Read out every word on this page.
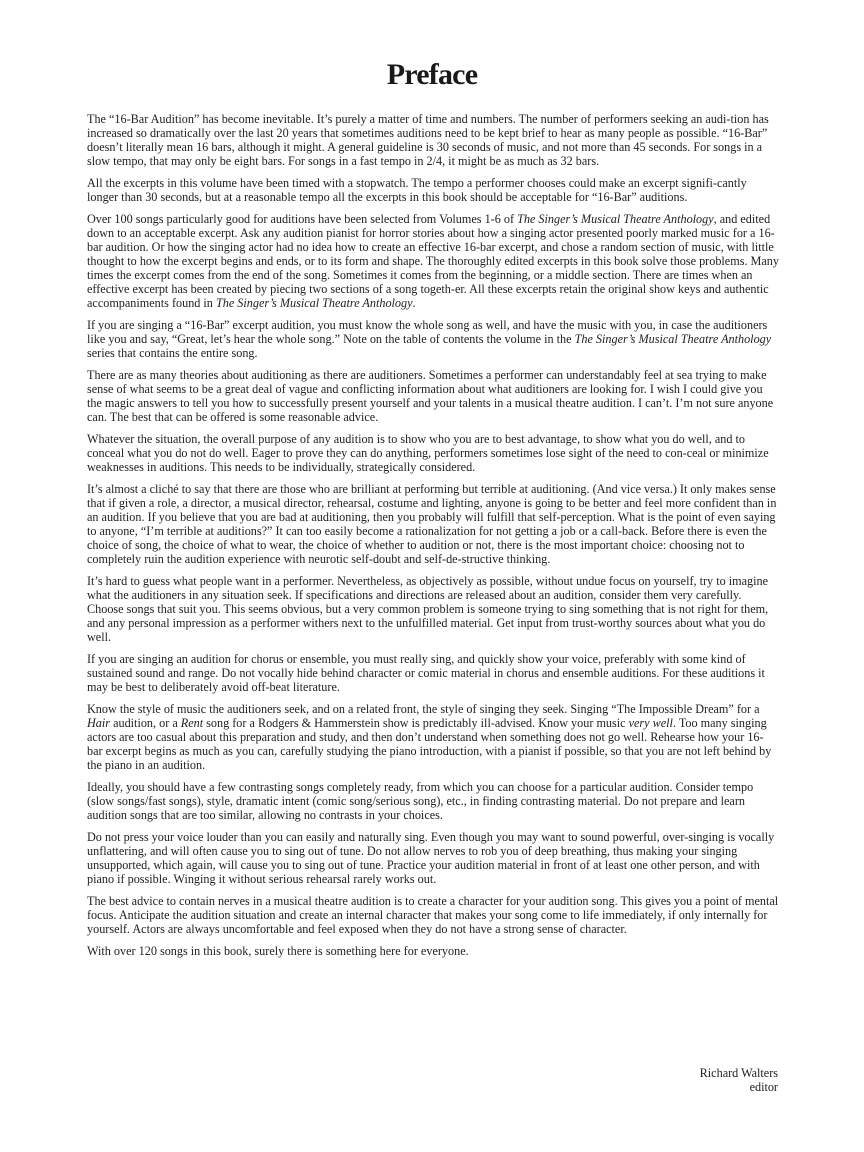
Preface

The “16-Bar Audition” has become inevitable. It’s purely a matter of time and numbers. The number of performers seeking an audi-tion has increased so dramatically over the last 20 years that sometimes auditions need to be kept brief to hear as many people as possible. “16-Bar” doesn’t literally mean 16 bars, although it might. A general guideline is 30 seconds of music, and not more than 45 seconds. For songs in a slow tempo, that may only be eight bars. For songs in a fast tempo in 2/4, it might be as much as 32 bars.

All the excerpts in this volume have been timed with a stopwatch. The tempo a performer chooses could make an excerpt signifi-cantly longer than 30 seconds, but at a reasonable tempo all the excerpts in this book should be acceptable for “16-Bar” auditions.

Over 100 songs particularly good for auditions have been selected from Volumes 1-6 of The Singer’s Musical Theatre Anthology, and edited down to an acceptable excerpt. Ask any audition pianist for horror stories about how a singing actor presented poorly marked music for a 16-bar audition. Or how the singing actor had no idea how to create an effective 16-bar excerpt, and chose a random section of music, with little thought to how the excerpt begins and ends, or to its form and shape. The thoroughly edited excerpts in this book solve those problems. Many times the excerpt comes from the end of the song. Sometimes it comes from the beginning, or a middle section. There are times when an effective excerpt has been created by piecing two sections of a song togeth-er. All these excerpts retain the original show keys and authentic accompaniments found in The Singer’s Musical Theatre Anthology.

If you are singing a “16-Bar” excerpt audition, you must know the whole song as well, and have the music with you, in case the auditioners like you and say, “Great, let’s hear the whole song.” Note on the table of contents the volume in the The Singer’s Musical Theatre Anthology series that contains the entire song.

There are as many theories about auditioning as there are auditioners. Sometimes a performer can understandably feel at sea trying to make sense of what seems to be a great deal of vague and conflicting information about what auditioners are looking for. I wish I could give you the magic answers to tell you how to successfully present yourself and your talents in a musical theatre audition. I can’t. I’m not sure anyone can. The best that can be offered is some reasonable advice.

Whatever the situation, the overall purpose of any audition is to show who you are to best advantage, to show what you do well, and to conceal what you do not do well. Eager to prove they can do anything, performers sometimes lose sight of the need to con-ceal or minimize weaknesses in auditions. This needs to be individually, strategically considered.

It’s almost a cliché to say that there are those who are brilliant at performing but terrible at auditioning. (And vice versa.) It only makes sense that if given a role, a director, a musical director, rehearsal, costume and lighting, anyone is going to be better and feel more confident than in an audition. If you believe that you are bad at auditioning, then you probably will fulfill that self-perception. What is the point of even saying to anyone, “I’m terrible at auditions?” It can too easily become a rationalization for not getting a job or a call-back. Before there is even the choice of song, the choice of what to wear, the choice of whether to audition or not, there is the most important choice: choosing not to completely ruin the audition experience with neurotic self-doubt and self-de-structive thinking.

It’s hard to guess what people want in a performer. Nevertheless, as objectively as possible, without undue focus on yourself, try to imagine what the auditioners in any situation seek. If specifications and directions are released about an audition, consider them very carefully. Choose songs that suit you. This seems obvious, but a very common problem is someone trying to sing something that is not right for them, and any personal impression as a performer withers next to the unfulfilled material. Get input from trust-worthy sources about what you do well.

If you are singing an audition for chorus or ensemble, you must really sing, and quickly show your voice, preferably with some kind of sustained sound and range. Do not vocally hide behind character or comic material in chorus and ensemble auditions. For these auditions it may be best to deliberately avoid off-beat literature.

Know the style of music the auditioners seek, and on a related front, the style of singing they seek. Singing “The Impossible Dream” for a Hair audition, or a Rent song for a Rodgers & Hammerstein show is predictably ill-advised. Know your music very well. Too many singing actors are too casual about this preparation and study, and then don’t understand when something does not go well. Rehearse how your 16-bar excerpt begins as much as you can, carefully studying the piano introduction, with a pianist if possible, so that you are not left behind by the piano in an audition.

Ideally, you should have a few contrasting songs completely ready, from which you can choose for a particular audition. Consider tempo (slow songs/fast songs), style, dramatic intent (comic song/serious song), etc., in finding contrasting material. Do not prepare and learn audition songs that are too similar, allowing no contrasts in your choices.

Do not press your voice louder than you can easily and naturally sing. Even though you may want to sound powerful, over-singing is vocally unflattering, and will often cause you to sing out of tune. Do not allow nerves to rob you of deep breathing, thus making your singing unsupported, which again, will cause you to sing out of tune. Practice your audition material in front of at least one other person, and with piano if possible. Winging it without serious rehearsal rarely works out.

The best advice to contain nerves in a musical theatre audition is to create a character for your audition song. This gives you a point of mental focus. Anticipate the audition situation and create an internal character that makes your song come to life immediately, if only internally for yourself. Actors are always uncomfortable and feel exposed when they do not have a strong sense of character.

With over 120 songs in this book, surely there is something here for everyone.

Richard Walters
editor
